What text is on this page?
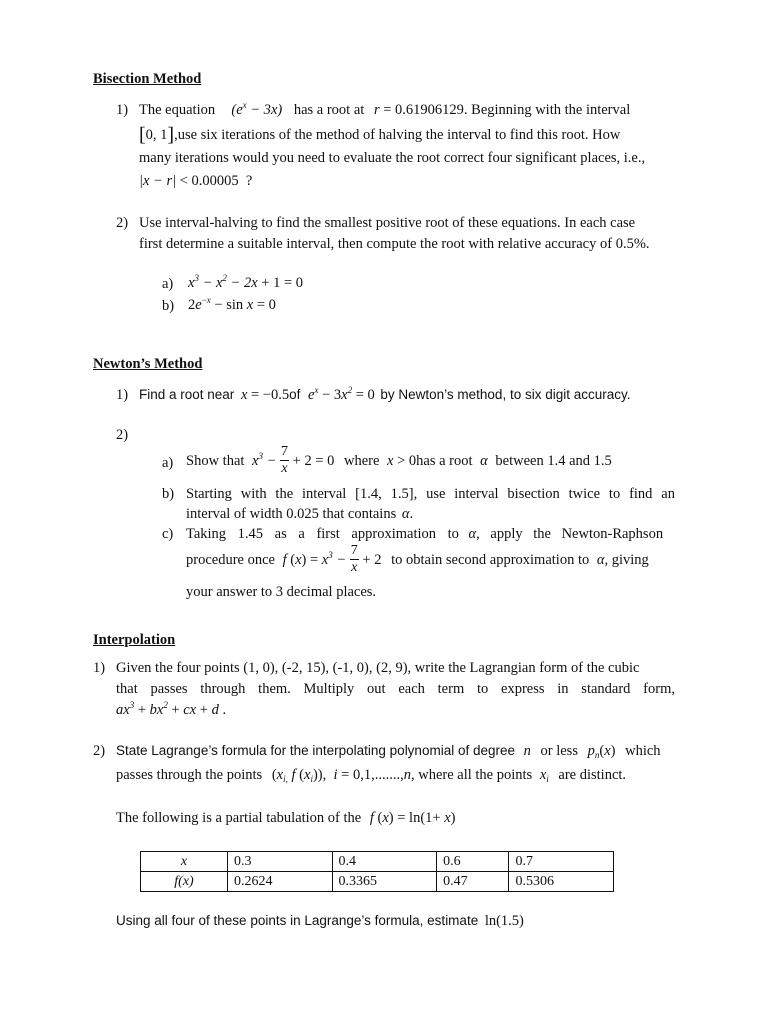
Bisection Method
1) The equation $(e^x - 3x)$ has a root at r = 0.61906129. Beginning with the interval
[0, 1],use six iterations of the method of halving the interval to find this root. How
many iterations would you need to evaluate the root correct four significant places, i.e.,
|x − r| < 0.00005 ?
2) Use interval-halving to find the smallest positive root of these equations. In each case
first determine a suitable interval, then compute the root with relative accuracy of 0.5%.
a) $x^3 - x^2 - 2x + 1 = 0$
b) $2e^{-x} - \sin x = 0$
Newton’s Method
1) Find a root near x = −0.5of $e^x - 3x^2 = 0$ by Newton’s method, to six digit accuracy.
2)
a) Show that $x^3 - \frac{7}{x} + 2 = 0$ where x > 0has a root α between 1.4 and 1.5
b) Starting with the interval [1.4, 1.5], use interval bisection twice to find an
interval of width 0.025 that contains α.
c) Taking 1.45 as a first approximation to α, apply the Newton-Raphson
procedure once f $(x) = x^3 - \frac{7}{x} + 2$ to obtain second approximation to α, giving
your answer to 3 decimal places.
Interpolation
1) Given the four points (1, 0), (-2, 15), (-1, 0), (2, 9), write the Lagrangian form of the cubic
that passes through them. Multiply out each term to express in standard form,
$ax^3 + bx^2$ + cx + d .
2) State Lagrange’s formula for the interpolating polynomial of degree n or less $p_n(x)$ which
passes through the points ($x_{i,}$ f $(x_i)$),  i = 0,1,.......,n, where all the points $x_i$ are distinct.
The following is a partial tabulation of the f (x) = ln(1+ x)
x	0.3	0.4	0.6	0.7
f(x)	0.2624	0.3365	0.47	0.5306
Using all four of these points in Lagrange’s formula, estimate ln(1.5)
